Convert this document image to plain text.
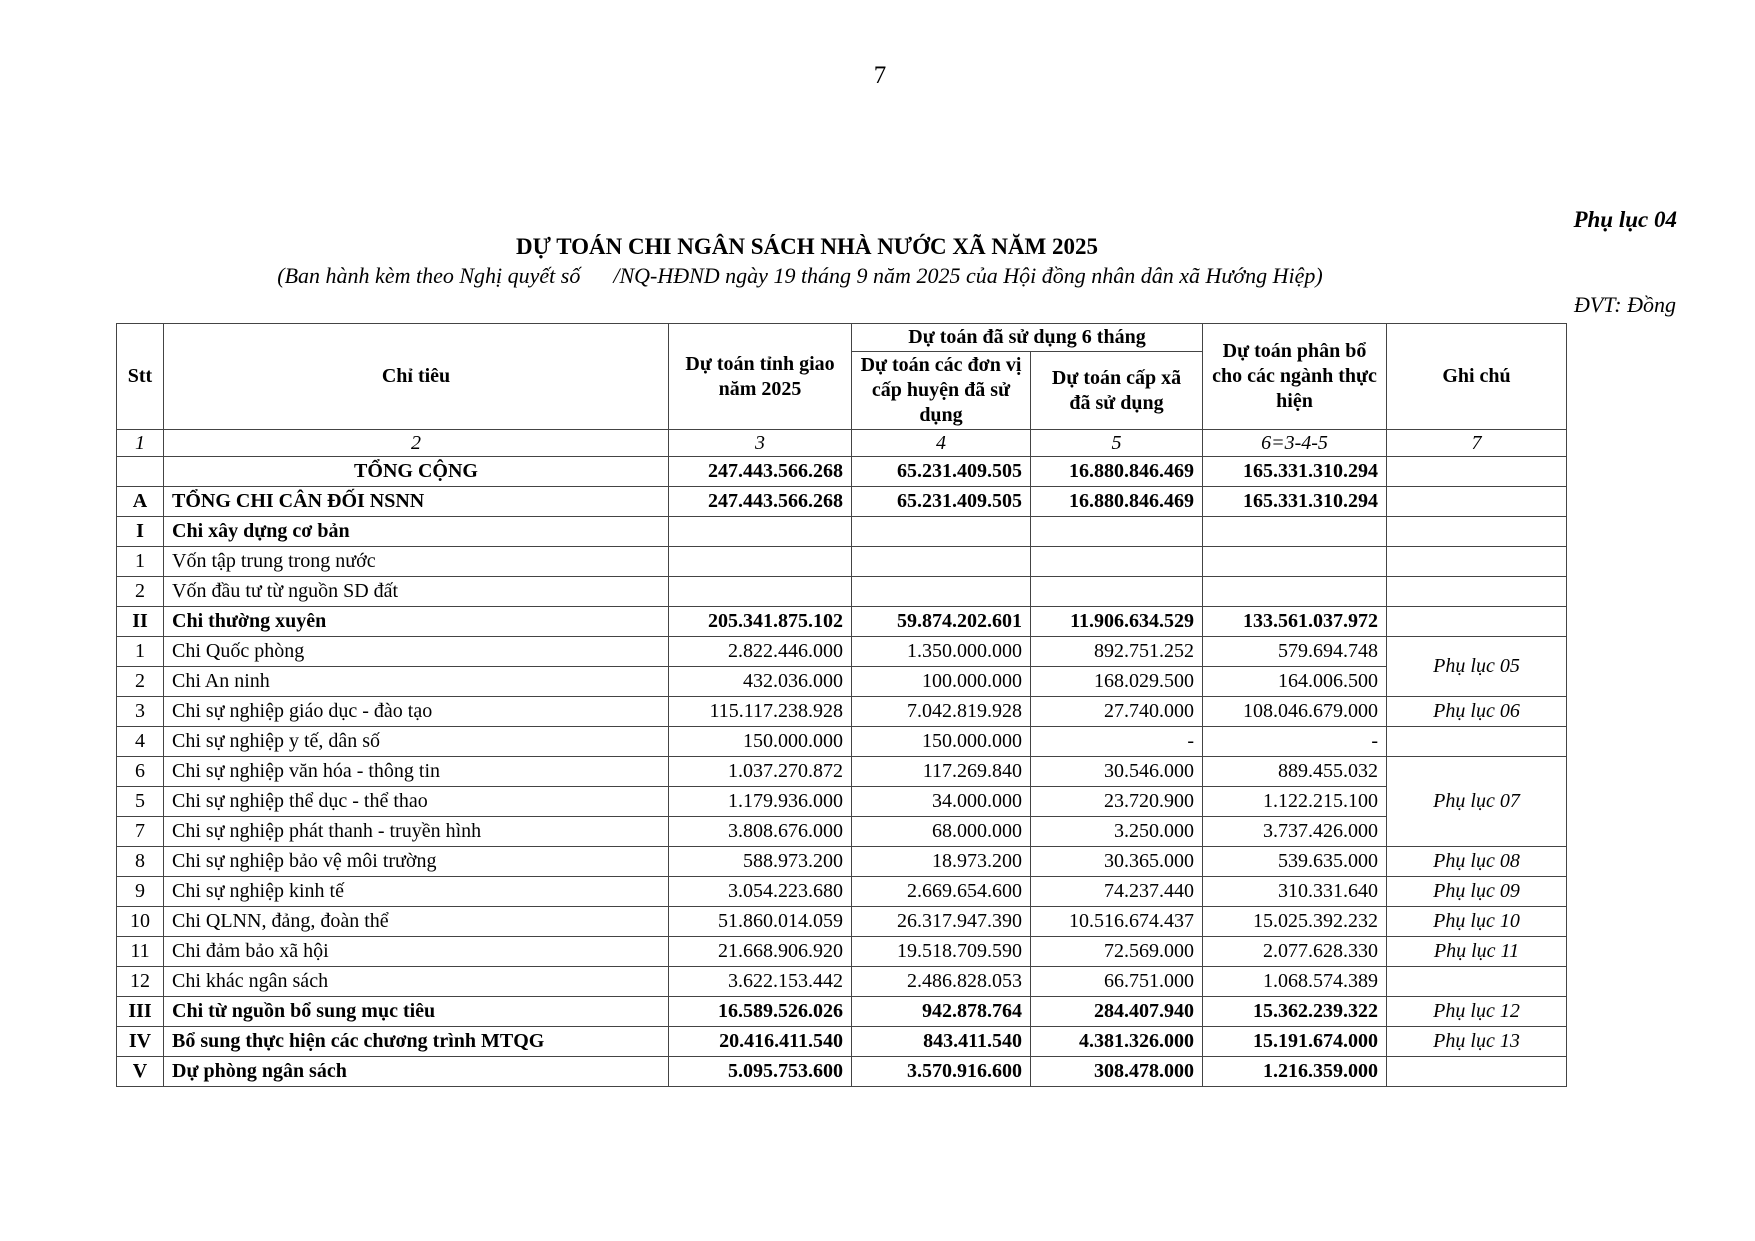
7
Phụ lục 04
DỰ TOÁN CHI NGÂN SÁCH NHÀ NƯỚC XÃ NĂM 2025
(Ban hành kèm theo Nghị quyết số      /NQ-HĐND ngày 19 tháng 9 năm 2025 của Hội đồng nhân dân xã Hướng Hiệp)
ĐVT: Đồng
Stt	Chỉ tiêu	Dự toán tỉnh giao năm 2025	Dự toán đã sử dụng 6 tháng		Dự toán phân bổ cho các ngành thực hiện	Ghi chú
			Dự toán các đơn vị cấp huyện đã sử dụng	Dự toán cấp xã đã sử dụng		
1	2	3	4	5	6=3-4-5	7
	TỔNG CỘNG	247.443.566.268	65.231.409.505	16.880.846.469	165.331.310.294	
A	TỔNG CHI CÂN ĐỐI NSNN	247.443.566.268	65.231.409.505	16.880.846.469	165.331.310.294	
I	Chi xây dựng cơ bản					
1	Vốn tập trung trong nước					
2	Vốn đầu tư từ nguồn SD đất					
II	Chi thường xuyên	205.341.875.102	59.874.202.601	11.906.634.529	133.561.037.972	
1	Chi Quốc phòng	2.822.446.000	1.350.000.000	892.751.252	579.694.748	Phụ lục 05
2	Chi An ninh	432.036.000	100.000.000	168.029.500	164.006.500	
3	Chi sự nghiệp giáo dục - đào tạo	115.117.238.928	7.042.819.928	27.740.000	108.046.679.000	Phụ lục 06
4	Chi sự nghiệp y tế, dân số	150.000.000	150.000.000	-	-	
6	Chi sự nghiệp văn hóa - thông tin	1.037.270.872	117.269.840	30.546.000	889.455.032	Phụ lục 07
5	Chi sự nghiệp thể dục - thể thao	1.179.936.000	34.000.000	23.720.900	1.122.215.100	
7	Chi sự nghiệp phát thanh - truyền hình	3.808.676.000	68.000.000	3.250.000	3.737.426.000	
8	Chi sự nghiệp bảo vệ môi trường	588.973.200	18.973.200	30.365.000	539.635.000	Phụ lục 08
9	Chi sự nghiệp kinh tế	3.054.223.680	2.669.654.600	74.237.440	310.331.640	Phụ lục 09
10	Chi QLNN, đảng, đoàn thể	51.860.014.059	26.317.947.390	10.516.674.437	15.025.392.232	Phụ lục 10
11	Chi đảm bảo xã hội	21.668.906.920	19.518.709.590	72.569.000	2.077.628.330	Phụ lục 11
12	Chi khác ngân sách	3.622.153.442	2.486.828.053	66.751.000	1.068.574.389	
III	Chi từ nguồn bổ sung mục tiêu	16.589.526.026	942.878.764	284.407.940	15.362.239.322	Phụ lục 12
IV	Bổ sung thực hiện các chương trình MTQG	20.416.411.540	843.411.540	4.381.326.000	15.191.674.000	Phụ lục 13
V	Dự phòng ngân sách	5.095.753.600	3.570.916.600	308.478.000	1.216.359.000	
